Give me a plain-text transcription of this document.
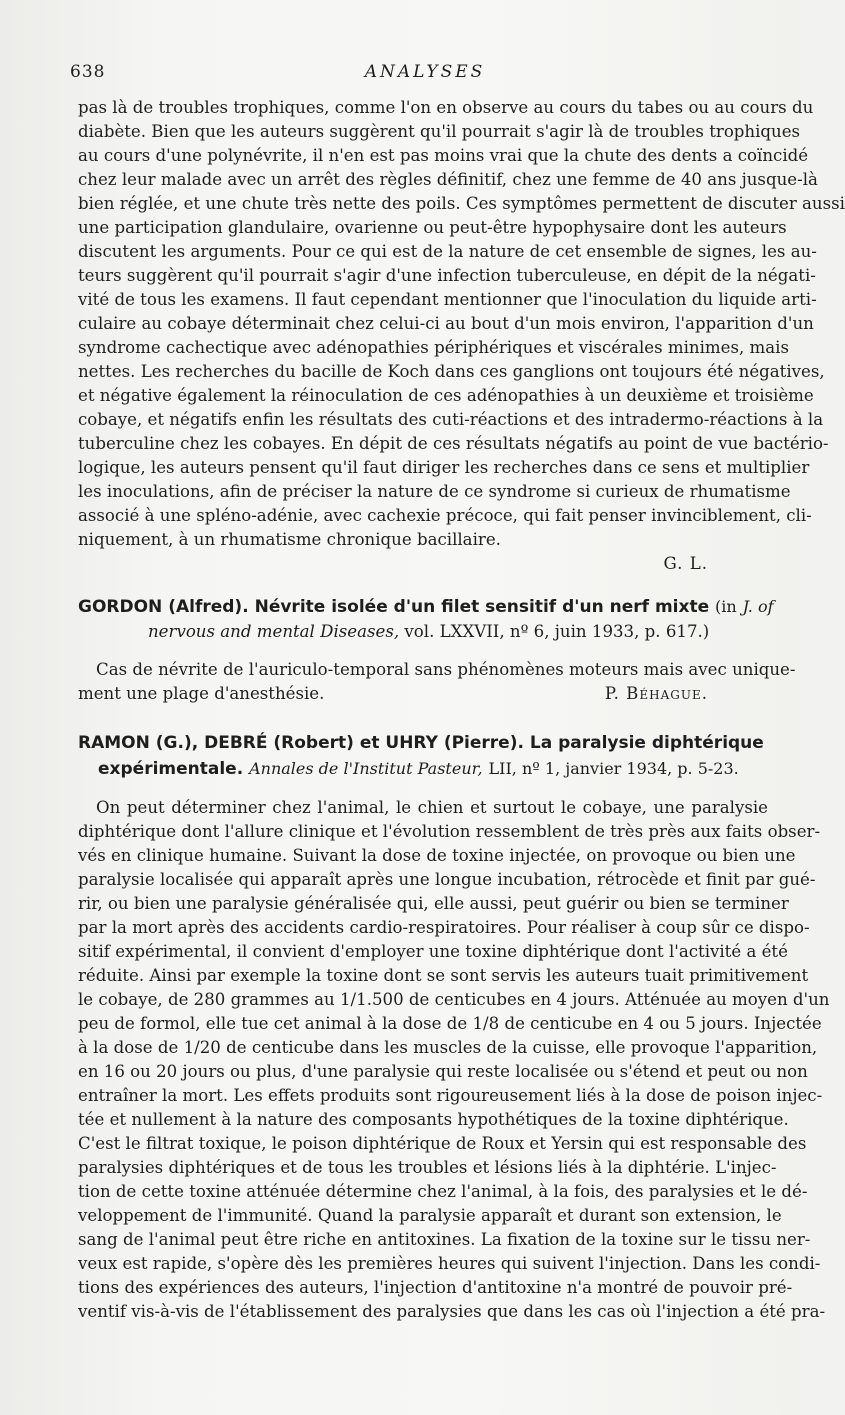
638	ANALYSES
pas là de troubles trophiques, comme l'on en observe au cours du tabes ou au cours du
diabète. Bien que les auteurs suggèrent qu'il pourrait s'agir là de troubles trophiques
au cours d'une polynévrite, il n'en est pas moins vrai que la chute des dents a coïncidé
chez leur malade avec un arrêt des règles définitif, chez une femme de 40 ans jusque-là
bien réglée, et une chute très nette des poils. Ces symptômes permettent de discuter aussi
une participation glandulaire, ovarienne ou peut-être hypophysaire dont les auteurs
discutent les arguments. Pour ce qui est de la nature de cet ensemble de signes, les au-
teurs suggèrent qu'il pourrait s'agir d'une infection tuberculeuse, en dépit de la négati-
vité de tous les examens. Il faut cependant mentionner que l'inoculation du liquide arti-
culaire au cobaye déterminait chez celui-ci au bout d'un mois environ, l'apparition d'un
syndrome cachectique avec adénopathies périphériques et viscérales minimes, mais
nettes. Les recherches du bacille de Koch dans ces ganglions ont toujours été négatives,
et négative également la réinoculation de ces adénopathies à un deuxième et troisième
cobaye, et négatifs enfin les résultats des cuti-réactions et des intradermo-réactions à la
tuberculine chez les cobayes. En dépit de ces résultats négatifs au point de vue bactério-
logique, les auteurs pensent qu'il faut diriger les recherches dans ce sens et multiplier
les inoculations, afin de préciser la nature de ce syndrome si curieux de rhumatisme
associé à une spléno-adénie, avec cachexie précoce, qui fait penser invinciblement, cli-
niquement, à un rhumatisme chronique bacillaire.
G. L.
GORDON (Alfred). Névrite isolée d'un filet sensitif d'un nerf mixte (in J. of
nervous and mental Diseases, vol. LXXVII, nº 6, juin 1933, p. 617.)
Cas de névrite de l'auriculo-temporal sans phénomènes moteurs mais avec unique-
ment une plage d'anesthésie.	P. Béhague.
RAMON (G.), DEBRÉ (Robert) et UHRY (Pierre). La paralysie diphtérique
expérimentale. Annales de l'Institut Pasteur, LII, nº 1, janvier 1934, p. 5-23.
On peut déterminer chez l'animal, le chien et surtout le cobaye, une paralysie
diphtérique dont l'allure clinique et l'évolution ressemblent de très près aux faits obser-
vés en clinique humaine. Suivant la dose de toxine injectée, on provoque ou bien une
paralysie localisée qui apparaît après une longue incubation, rétrocède et finit par gué-
rir, ou bien une paralysie généralisée qui, elle aussi, peut guérir ou bien se terminer
par la mort après des accidents cardio-respiratoires. Pour réaliser à coup sûr ce dispo-
sitif expérimental, il convient d'employer une toxine diphtérique dont l'activité a été
réduite. Ainsi par exemple la toxine dont se sont servis les auteurs tuait primitivement
le cobaye, de 280 grammes au 1/1.500 de centicubes en 4 jours. Atténuée au moyen d'un
peu de formol, elle tue cet animal à la dose de 1/8 de centicube en 4 ou 5 jours. Injectée
à la dose de 1/20 de centicube dans les muscles de la cuisse, elle provoque l'apparition,
en 16 ou 20 jours ou plus, d'une paralysie qui reste localisée ou s'étend et peut ou non
entraîner la mort. Les effets produits sont rigoureusement liés à la dose de poison injec-
tée et nullement à la nature des composants hypothétiques de la toxine diphtérique.
C'est le filtrat toxique, le poison diphtérique de Roux et Yersin qui est responsable des
paralysies diphtériques et de tous les troubles et lésions liés à la diphtérie. L'injec-
tion de cette toxine atténuée détermine chez l'animal, à la fois, des paralysies et le dé-
veloppement de l'immunité. Quand la paralysie apparaît et durant son extension, le
sang de l'animal peut être riche en antitoxines. La fixation de la toxine sur le tissu ner-
veux est rapide, s'opère dès les premières heures qui suivent l'injection. Dans les condi-
tions des expériences des auteurs, l'injection d'antitoxine n'a montré de pouvoir pré-
ventif vis-à-vis de l'établissement des paralysies que dans les cas où l'injection a été pra-
